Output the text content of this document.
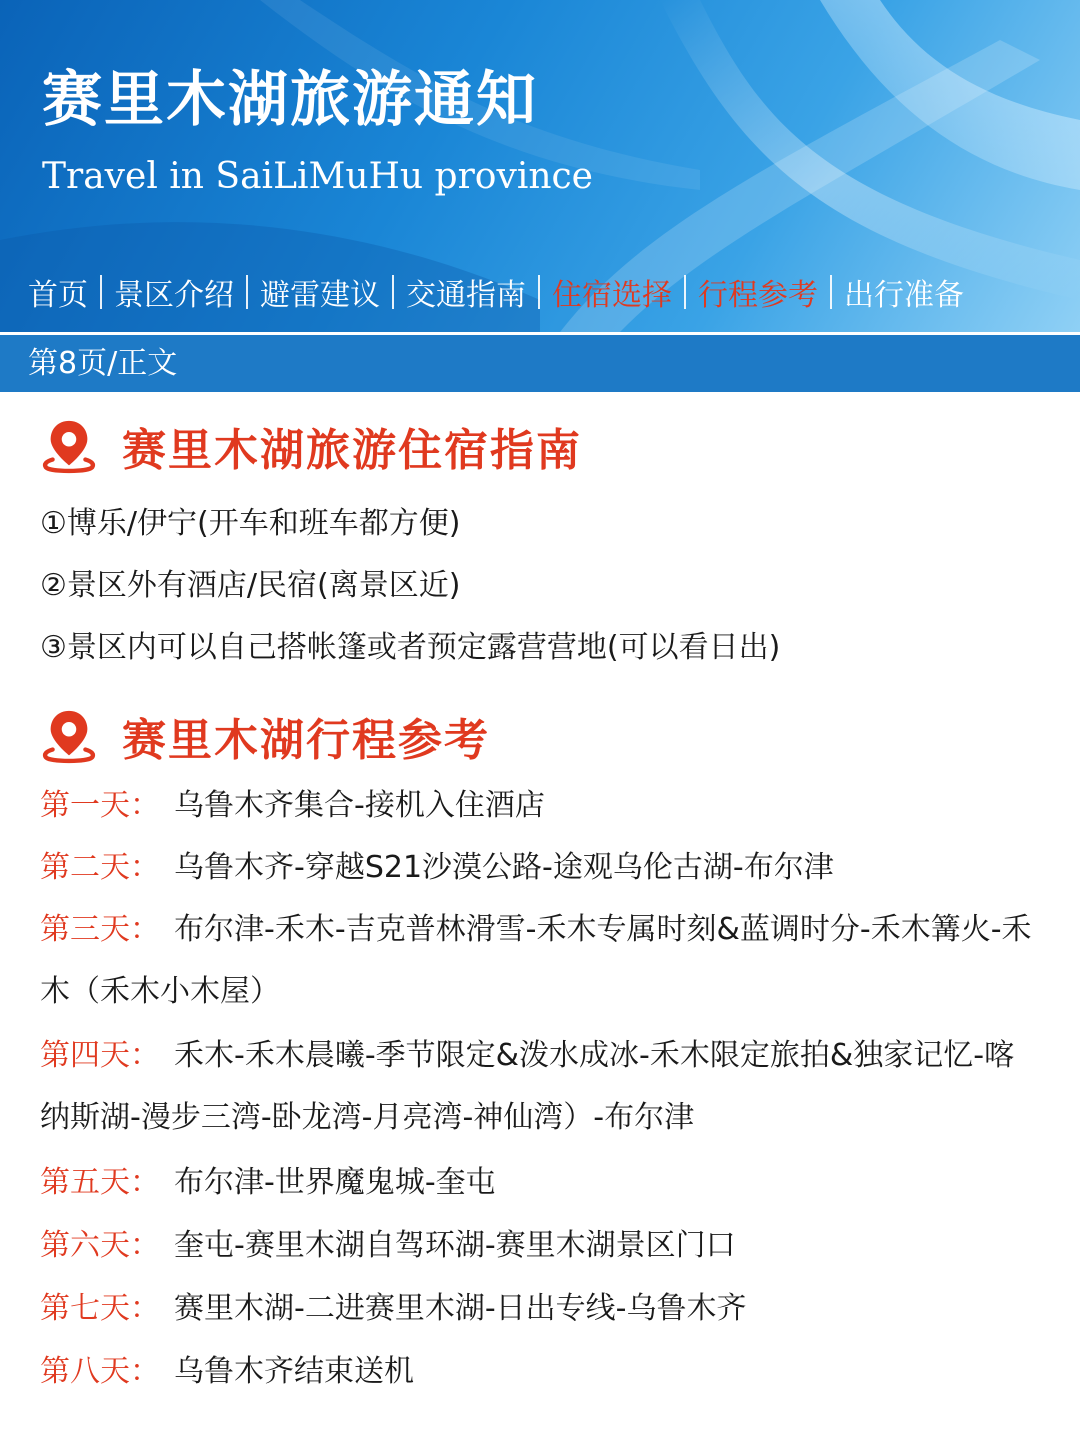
赛里木湖旅游通知
Travel in SaiLiMuHu province
首页 景区介绍 避雷建议 交通指南 住宿选择 行程参考 出行准备
第8页/正文
赛里木湖旅游住宿指南
①博乐/伊宁(开车和班车都方便)
②景区外有酒店/民宿(离景区近)
③景区内可以自己搭帐篷或者预定露营营地(可以看日出)
赛里木湖行程参考
第一天： 乌鲁木齐集合-接机入住酒店
第二天： 乌鲁木齐-穿越S21沙漠公路-途观乌伦古湖-布尔津
第三天： 布尔津-禾木-吉克普林滑雪-禾木专属时刻&蓝调时分-禾木篝火-禾木（禾木小木屋）
第四天： 禾木-禾木晨曦-季节限定&泼水成冰-禾木限定旅拍&独家记忆-喀纳斯湖-漫步三湾-卧龙湾-月亮湾-神仙湾）-布尔津
第五天： 布尔津-世界魔鬼城-奎屯
第六天： 奎屯-赛里木湖自驾环湖-赛里木湖景区门口
第七天： 赛里木湖-二进赛里木湖-日出专线-乌鲁木齐
第八天： 乌鲁木齐结束送机
